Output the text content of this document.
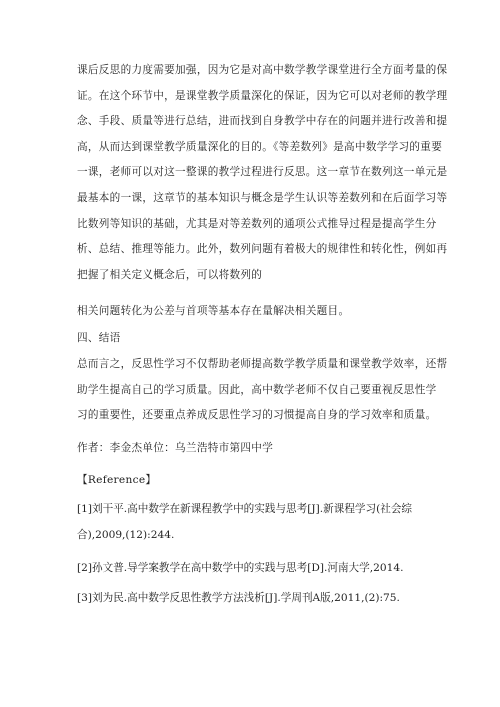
课后反思的力度需要加强，因为它是对高中数学教学课堂进行全方面考量的保
证。在这个环节中，是课堂教学质量深化的保证，因为它可以对老师的教学理
念、手段、质量等进行总结，进而找到自身教学中存在的问题并进行改善和提
高，从而达到课堂教学质量深化的目的。《等差数列》是高中数学学习的重要
一课，老师可以对这一整课的教学过程进行反思。这一章节在数列这一单元是
最基本的一课，这章节的基本知识与概念是学生认识等差数列和在后面学习等
比数列等知识的基础，尤其是对等差数列的通项公式推导过程是提高学生分
析、总结、推理等能力。此外，数列问题有着极大的规律性和转化性，例如再
把握了相关定义概念后，可以将数列的

相关问题转化为公差与首项等基本存在量解决相关题目。

四、结语

总而言之，反思性学习不仅帮助老师提高数学教学质量和课堂教学效率，还帮
助学生提高自己的学习质量。因此，高中数学老师不仅自己要重视反思性学
习的重要性，还要重点养成反思性学习的习惯提高自身的学习效率和质量。

作者：李金杰单位：乌兰浩特市第四中学

【Reference】

[1]刘干平.高中数学在新课程教学中的实践与思考[J].新课程学习(社会综
合),2009,(12):244.
[2]孙文普.导学案教学在高中数学中的实践与思考[D].河南大学,2014.
[3]刘为民.高中数学反思性教学方法浅析[J].学周刊A版,2011,(2):75.
